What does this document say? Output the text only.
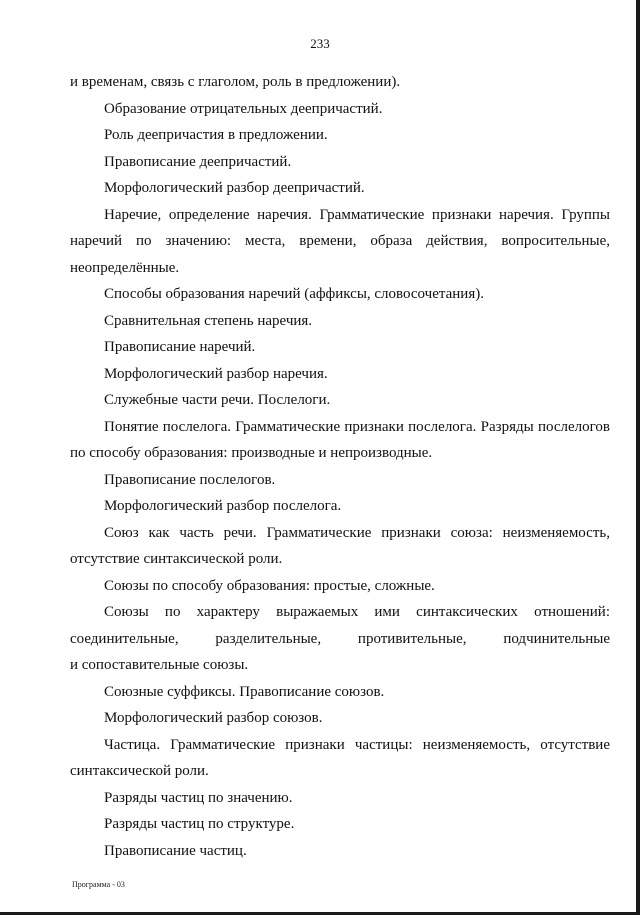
233
и временам, связь с глаголом, роль в предложении).
Образование отрицательных деепричастий.
Роль деепричастия в предложении.
Правописание деепричастий.
Морфологический разбор деепричастий.
Наречие, определение наречия. Грамматические признаки наречия. Группы
наречий по значению: места, времени, образа действия, вопросительные,
неопределённые.
Способы образования наречий (аффиксы, словосочетания).
Сравнительная степень наречия.
Правописание наречий.
Морфологический разбор наречия.
Служебные части речи. Послелоги.
Понятие послелога. Грамматические признаки послелога. Разряды послелогов
по способу образования: производные и непроизводные.
Правописание послелогов.
Морфологический разбор послелога.
Союз как часть речи. Грамматические признаки союза: неизменяемость,
отсутствие синтаксической роли.
Союзы по способу образования: простые, сложные.
Союзы по характеру выражаемых ими синтаксических отношений:
соединительные, разделительные, противительные, подчинительные
и сопоставительные союзы.
Союзные суффиксы. Правописание союзов.
Морфологический разбор союзов.
Частица. Грамматические признаки частицы: неизменяемость, отсутствие
синтаксической роли.
Разряды частиц по значению.
Разряды частиц по структуре.
Правописание частиц.
Программа - 03
